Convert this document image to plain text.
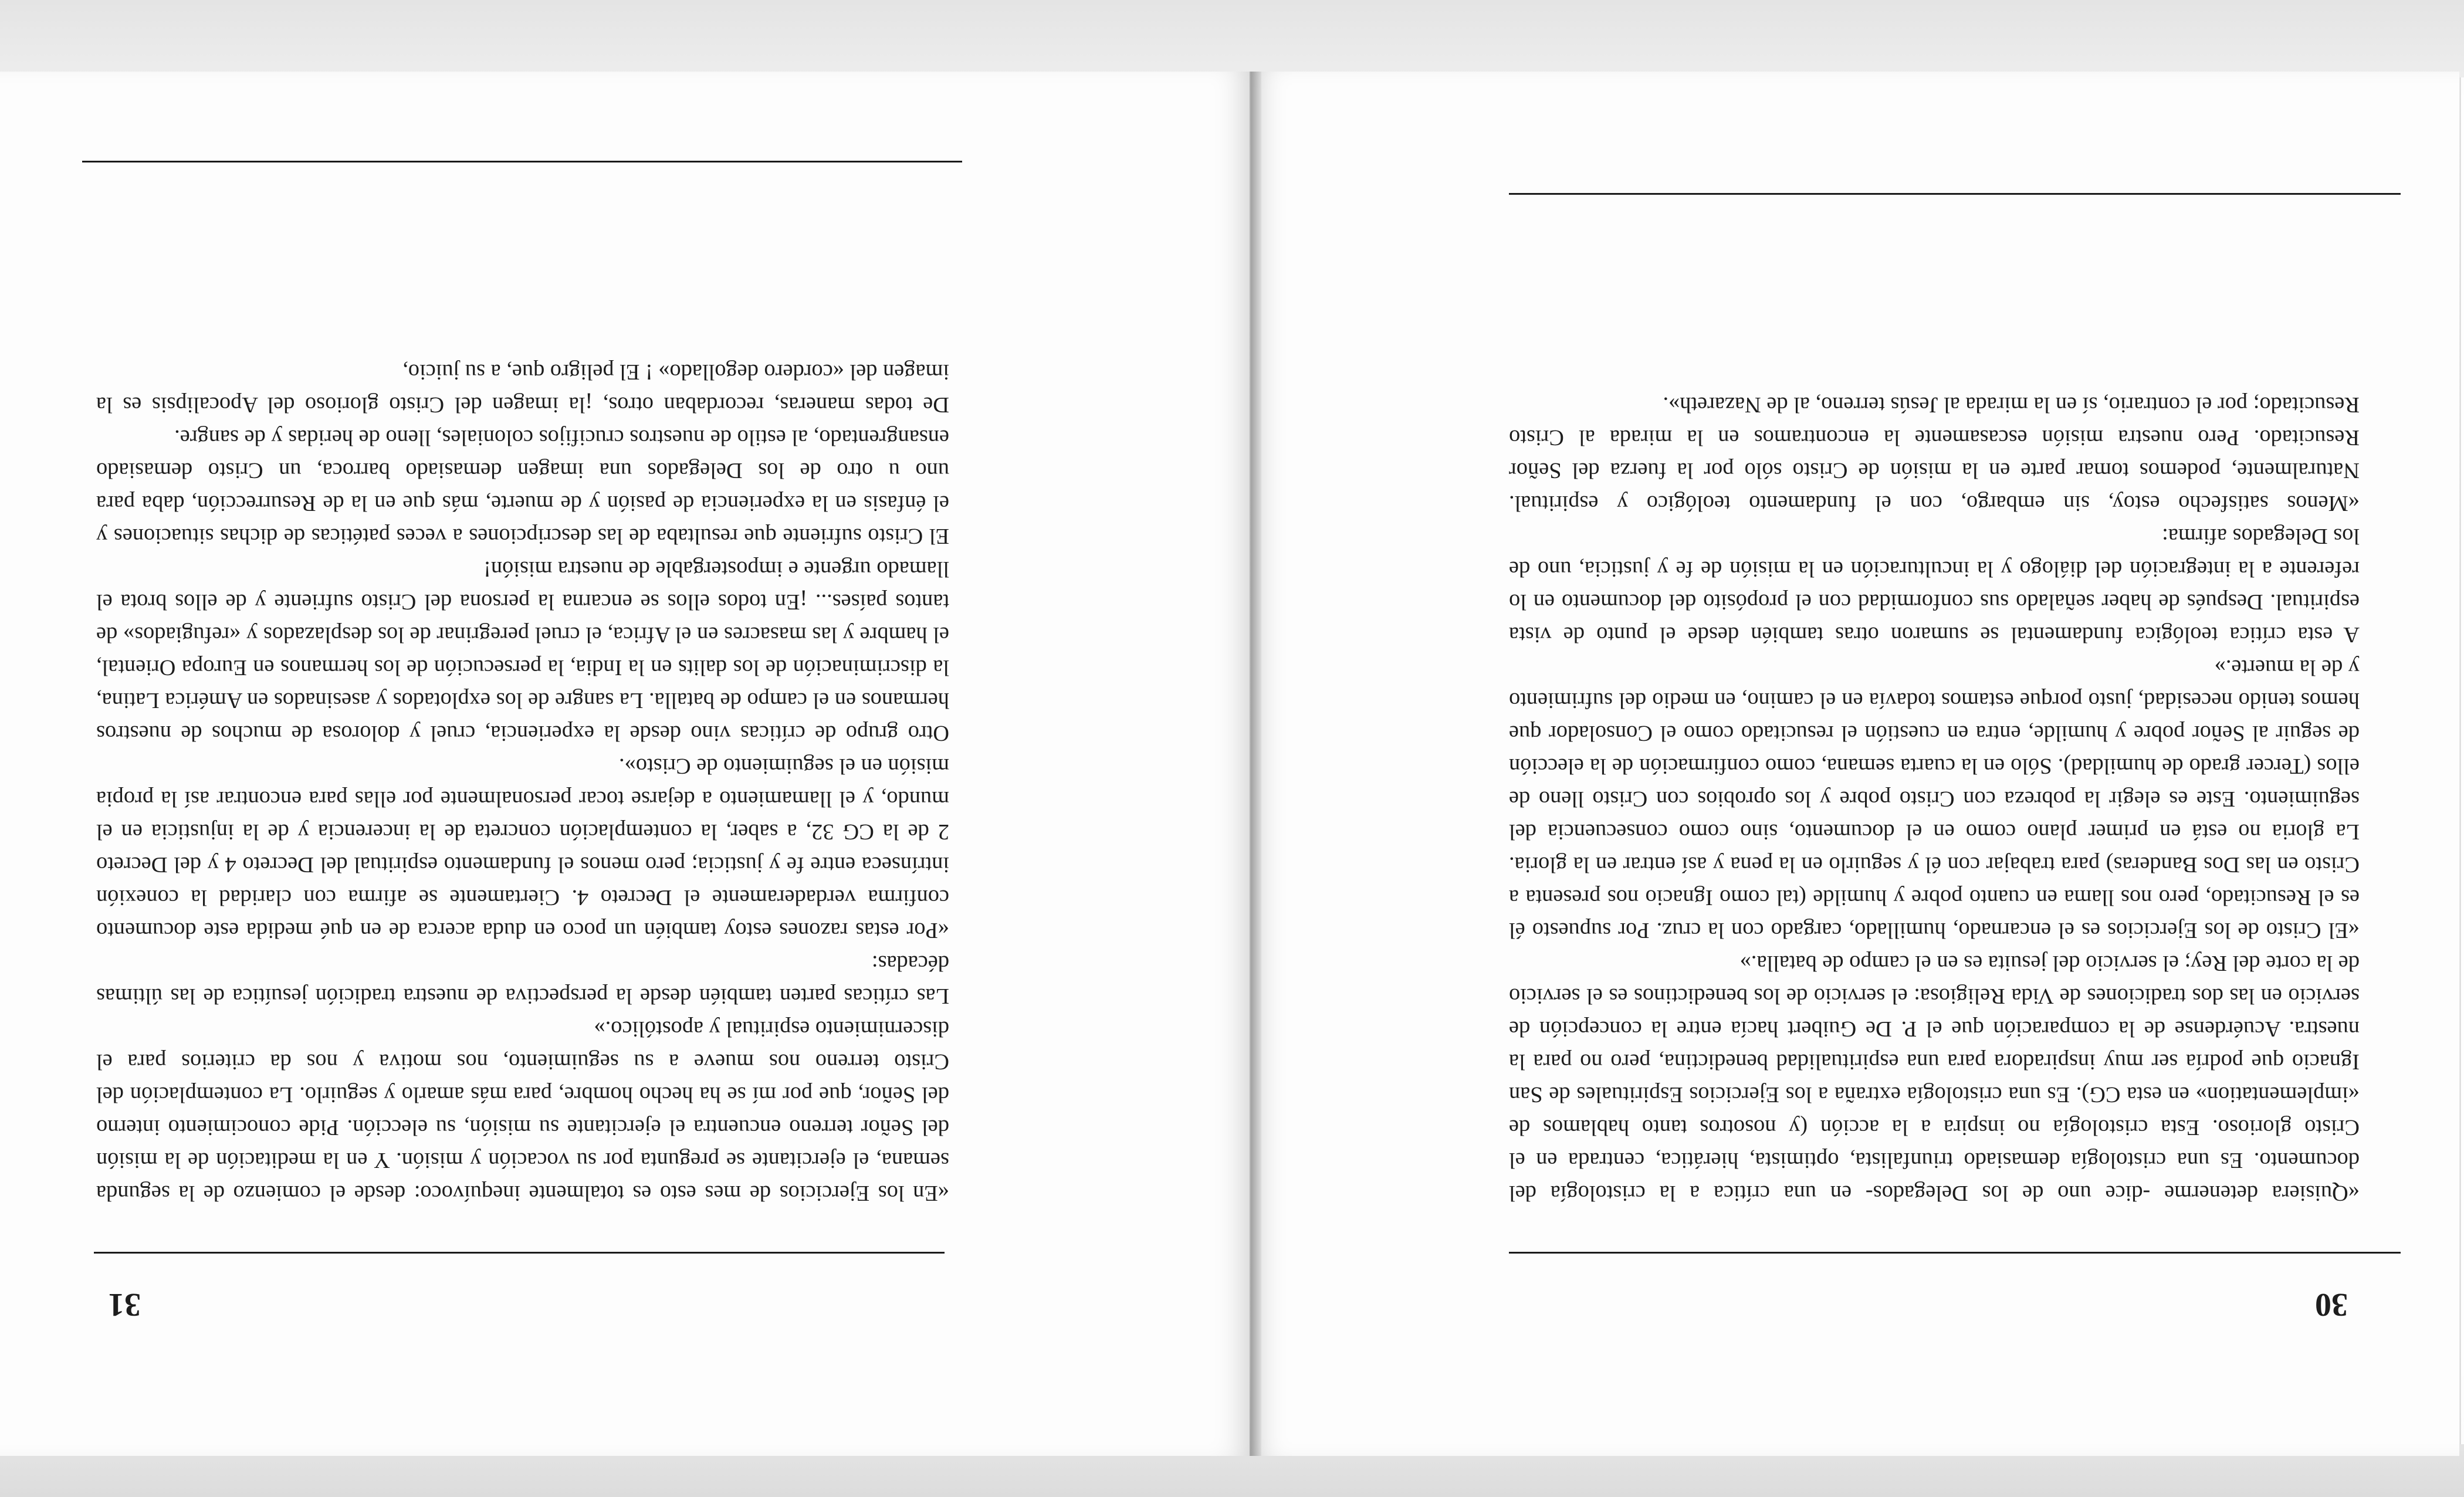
30

«Quisiera detenerme -dice uno de los Delegados- en una crítica a la cristología del documento. Es una cristología demasiado triunfalista, optimista, hierática, centrada en el Cristo glorioso. Esta cristología no inspira a la acción (y nosotros tanto hablamos de «implementation» en esta CG). Es una cristología extraña a los Ejercicios Espirituales de San Ignacio que podría ser muy inspiradora para una espiritualidad benedictina, pero no para la nuestra. Acuérdense de la comparación que el P. De Guibert hacía entre la concepción de servicio en las dos tradiciones de Vida Religiosa: el servicio de los benedictinos es el servicio de la corte del Rey; el servicio del jesuita es en el campo de batalla.»

«El Cristo de los Ejercicios es el encarnado, humillado, cargado con la cruz. Por supuesto él es el Resucitado, pero nos llama en cuanto pobre y humilde (tal como Ignacio nos presenta a Cristo en las Dos Banderas) para trabajar con él y seguirlo en la pena y así entrar en la gloria. La gloria no está en primer plano como en el documento, sino como consecuencia del seguimiento. Este es elegir la pobreza con Cristo pobre y los oprobios con Cristo lleno de ellos (Tercer grado de humildad). Sólo en la cuarta semana, como confirmación de la elección de seguir al Señor pobre y humilde, entra en cuestión el resucitado como el Consolador que hemos tenido necesidad, justo porque estamos todavía en el camino, en medio del sufrimiento y de la muerte.»

A esta crítica teológica fundamental se sumaron otras también desde el punto de vista espiritual. Después de haber señalado sus conformidad con el propósito del documento en lo referente a la integración del diálogo y la inculturación en la misión de fe y justicia, uno de los Delegados afirma:

«Menos satisfecho estoy, sin embargo, con el fundamento teológico y espiritual. Naturalmente, podemos tomar parte en la misión de Cristo sólo por la fuerza del Señor Resucitado. Pero nuestra misión escasamente la encontramos en la mirada al Cristo Resucitado; por el contrario, sí en la mirada al Jesús terreno, al de Nazareth».

31

«En los Ejercicios de mes esto es totalmente inequívoco: desde el comienzo de la segunda semana, el ejercitante se pregunta por su vocación y misión. Y en la meditación de la misión del Señor terreno encuentra el ejercitante su misión, su elección. Pide conocimiento interno del Señor, que por mí se ha hecho hombre, para más amarlo y seguirlo. La contemplación del Cristo terreno nos mueve a su seguimiento, nos motiva y nos da criterios para el discernimiento espiritual y apostólico.»

Las críticas parten también desde la perspectiva de nuestra tradición jesuítica de las últimas décadas:

«Por estas razones estoy también un poco en duda acerca de en qué medida este documento confirma verdaderamente el Decreto 4. Ciertamente se afirma con claridad la conexión intrínseca entre fe y justicia; pero menos el fundamento espiritual del Decreto 4 y del Decreto 2 de la CG 32, a saber, la contemplación concreta de la incerencia y de la injusticia en el mundo, y el llamamiento a dejarse tocar personalmente por ellas para encontrar así la propia misión en el seguimiento de Cristo».

Otro grupo de críticas vino desde la experiencia, cruel y dolorosa de muchos de nuestros hermanos en el campo de batalla. La sangre de los explotados y asesinados en América Latina, la discriminación de los dalits en la India, la persecución de los hermanos en Europa Oriental, el hambre y las masacres en el Africa, el cruel peregrinar de los desplazados y «refugiados» de tantos países... ¡En todos ellos se encarna la persona del Cristo sufriente y de ellos brota el llamado urgente e impostergable de nuestra misión!

El Cristo sufriente que resultaba de las descripciones a veces patéticas de dichas situaciones y el énfasis en la experiencia de pasión y de muerte, más que en la de Resurrección, daba para uno u otro de los Delegados una imagen demasiado barroca, un Cristo demasiado ensangrentado, al estilo de nuestros crucifijos coloniales, lleno de heridas y de sangre.

De todas maneras, recordaban otros, ¡la imagen del Cristo glorioso del Apocalipsis es la imagen del «cordero degollado» ! El peligro que, a su juicio,
